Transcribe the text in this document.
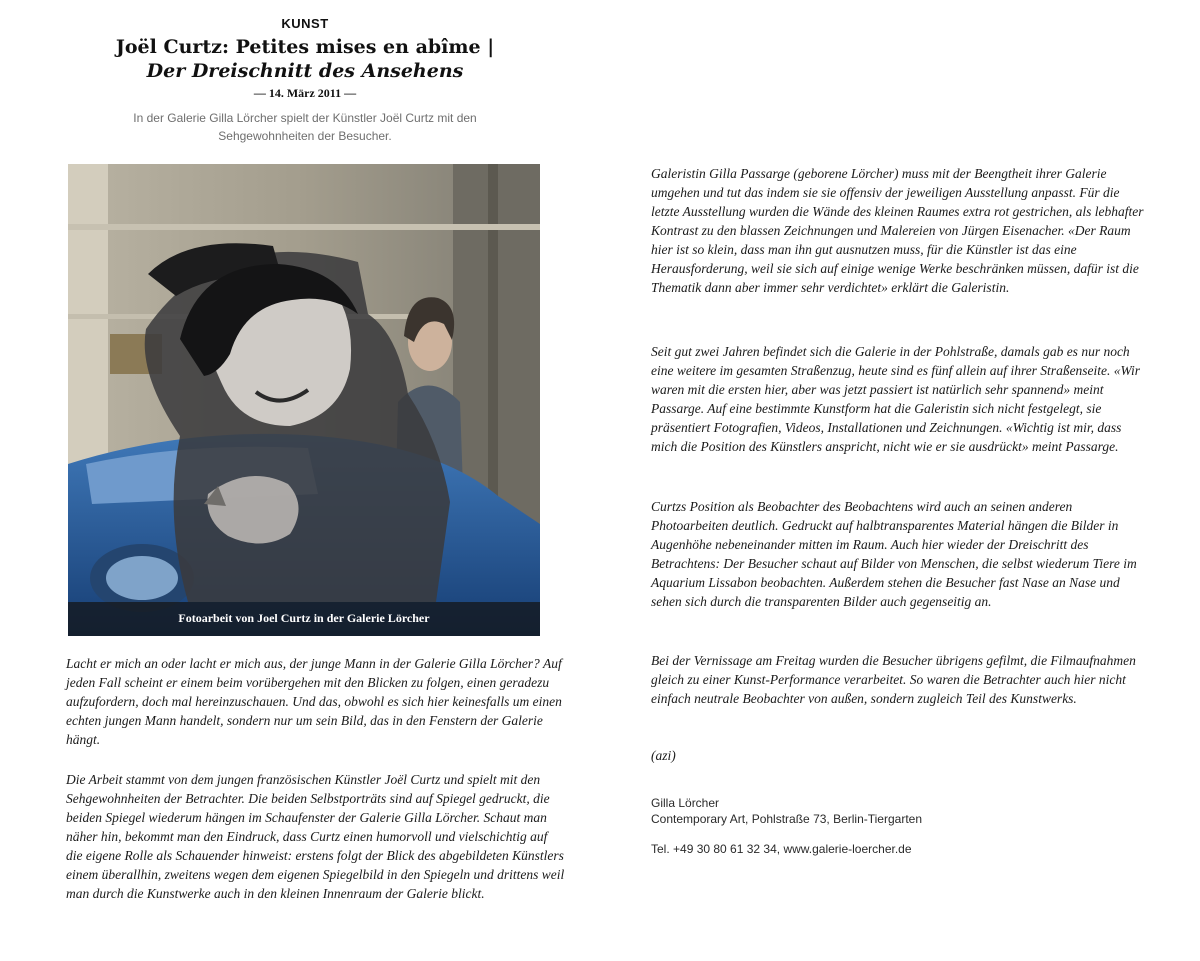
KUNST
Joël Curtz: Petites mises en abîme |
Der Dreischnitt des Ansehens
— 14. März 2011 —
In der Galerie Gilla Lörcher spielt der Künstler Joël Curtz mit den Sehgewohnheiten der Besucher.
Fotoarbeit von Joel Curtz in der Galerie Lörcher

Lacht er mich an oder lacht er mich aus, der junge Mann in der Galerie Gilla Lörcher? Auf jeden Fall scheint er einem beim vorübergehen mit den Blicken zu folgen, einen geradezu aufzufordern, doch mal hereinzuschauen. Und das, obwohl es sich hier keinesfalls um einen echten jungen Mann handelt, sondern nur um sein Bild, das in den Fenstern der Galerie hängt.

Die Arbeit stammt von dem jungen französischen Künstler Joël Curtz und spielt mit den Sehgewohnheiten der Betrachter. Die beiden Selbstporträts sind auf Spiegel gedruckt, die beiden Spiegel wiederum hängen im Schaufenster der Galerie Gilla Lörcher. Schaut man näher hin, bekommt man den Eindruck, dass Curtz einen humorvoll und vielschichtig auf die eigene Rolle als Schauender hinweist: erstens folgt der Blick des abgebildeten Künstlers einem überallhin, zweitens wegen dem eigenen Spiegelbild in den Spiegeln und drittens weil man durch die Kunstwerke auch in den kleinen Innenraum der Galerie blickt.

Galeristin Gilla Passarge (geborene Lörcher) muss mit der Beengtheit ihrer Galerie umgehen und tut das indem sie sie offensiv der jeweiligen Ausstellung anpasst. Für die letzte Ausstellung wurden die Wände des kleinen Raumes extra rot gestrichen, als lebhafter Kontrast zu den blassen Zeichnungen und Malereien von Jürgen Eisenacher. «Der Raum hier ist so klein, dass man ihn gut ausnutzen muss, für die Künstler ist das eine Herausforderung, weil sie sich auf einige wenige Werke beschränken müssen, dafür ist die Thematik dann aber immer sehr verdichtet» erklärt die Galeristin.

Seit gut zwei Jahren befindet sich die Galerie in der Pohlstraße, damals gab es nur noch eine weitere im gesamten Straßenzug, heute sind es fünf allein auf ihrer Straßenseite. «Wir waren mit die ersten hier, aber was jetzt passiert ist natürlich sehr spannend» meint Passarge. Auf eine bestimmte Kunstform hat die Galeristin sich nicht festgelegt, sie präsentiert Fotografien, Videos, Installationen und Zeichnungen. «Wichtig ist mir, dass mich die Position des Künstlers anspricht, nicht wie er sie ausdrückt» meint Passarge.

Curtzs Position als Beobachter des Beobachtens wird auch an seinen anderen Photoarbeiten deutlich. Gedruckt auf halbtransparentes Material hängen die Bilder in Augenhöhe nebeneinander mitten im Raum. Auch hier wieder der Dreischritt des Betrachtens: Der Besucher schaut auf Bilder von Menschen, die selbst wiederum Tiere im Aquarium Lissabon beobachten. Außerdem stehen die Besucher fast Nase an Nase und sehen sich durch die transparenten Bilder auch gegenseitig an.

Bei der Vernissage am Freitag wurden die Besucher übrigens gefilmt, die Filmaufnahmen gleich zu einer Kunst-Performance verarbeitet. So waren die Betrachter auch hier nicht einfach neutrale Beobachter von außen, sondern zugleich Teil des Kunstwerks.

(azi)

Gilla Lörcher

Contemporary Art, Pohlstraße 73, Berlin-Tiergarten

Tel. +49 30 80 61 32 34, www.galerie-loercher.de
